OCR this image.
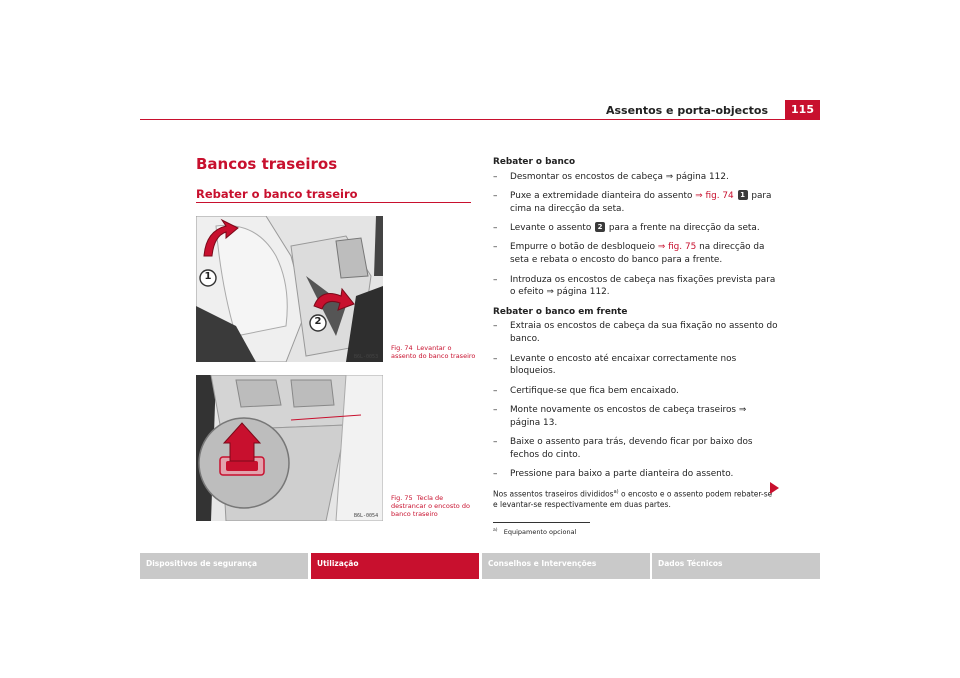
Assentos e porta-objectos	115
Bancos traseiros
Rebater o banco traseiro
1
2
B6L-0053
Fig. 74 Levantar o assento do banco traseiro
B6L-0054
Fig. 75 Tecla de destrancar o encosto do banco traseiro

Rebater o banco

– Desmontar os encostos de cabeça ⇒ página 112.

– Puxe a extremidade dianteira do assento ⇒ fig. 74 1 para cima na direcção da seta.

– Levante o assento 2 para a frente na direcção da seta.

– Empurre o botão de desbloqueio ⇒ fig. 75 na direcção da seta e rebata o encosto do banco para a frente.

– Introduza os encostos de cabeça nas fixações prevista para o efeito ⇒ página 112.

Rebater o banco em frente

– Extraia os encostos de cabeça da sua fixação no assento do banco.

– Levante o encosto até encaixar correctamente nos bloqueios.

– Certifique-se que fica bem encaixado.

– Monte novamente os encostos de cabeça traseiros ⇒ página 13.

– Baixe o assento para trás, devendo ficar por baixo dos fechos do cinto.

– Pressione para baixo a parte dianteira do assento.

Nos assentos traseiros divididos$^{a)}$ o encosto e o assento podem rebater-se e levantar-se respectivamente em duas partes.

$^{a)}$ Equipamento opcional
Dispositivos de segurança	Utilização	Conselhos e Intervenções	Dados Técnicos
